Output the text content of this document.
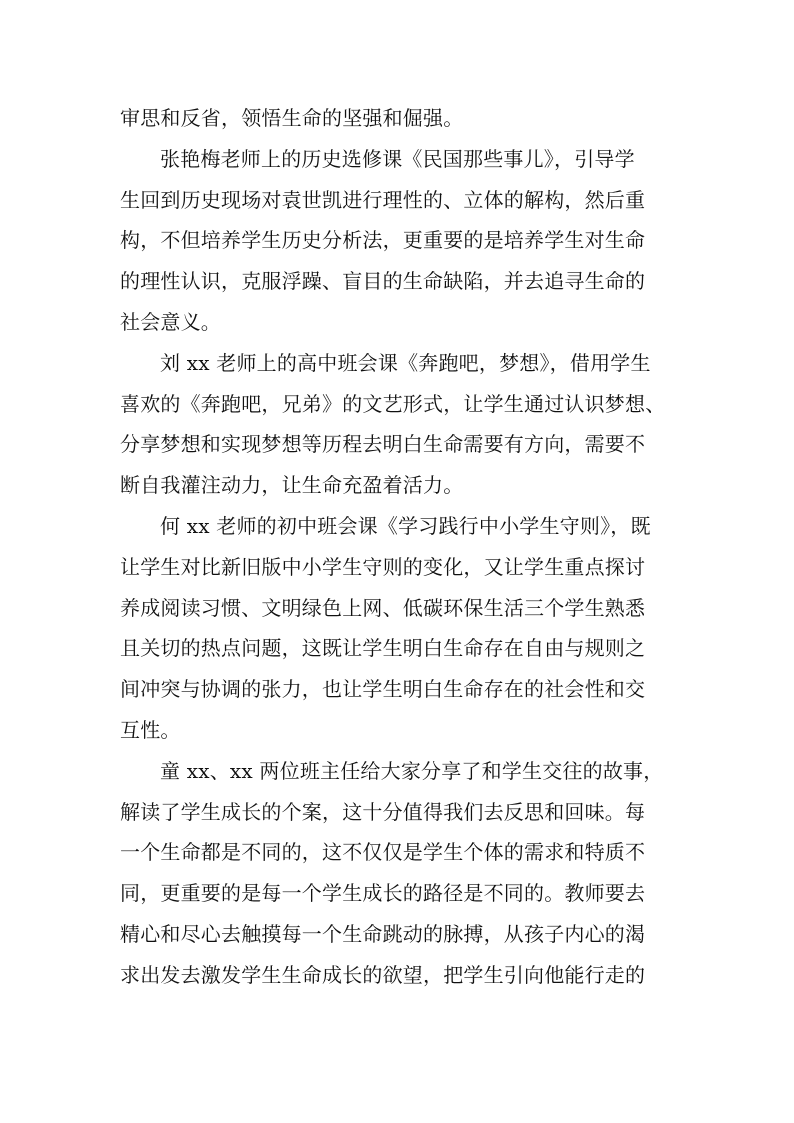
审思和反省，领悟生命的坚强和倔强。
张艳梅老师上的历史选修课《民国那些事儿》，引导学
生回到历史现场对袁世凯进行理性的、立体的解构，然后重
构，不但培养学生历史分析法，更重要的是培养学生对生命
的理性认识，克服浮躁、盲目的生命缺陷，并去追寻生命的
社会意义。
刘 xx 老师上的高中班会课《奔跑吧，梦想》，借用学生
喜欢的《奔跑吧，兄弟》的文艺形式，让学生通过认识梦想、
分享梦想和实现梦想等历程去明白生命需要有方向，需要不
断自我灌注动力，让生命充盈着活力。
何 xx 老师的初中班会课《学习践行中小学生守则》，既
让学生对比新旧版中小学生守则的变化，又让学生重点探讨
养成阅读习惯、文明绿色上网、低碳环保生活三个学生熟悉
且关切的热点问题，这既让学生明白生命存在自由与规则之
间冲突与协调的张力，也让学生明白生命存在的社会性和交
互性。
童 xx、xx 两位班主任给大家分享了和学生交往的故事，
解读了学生成长的个案，这十分值得我们去反思和回味。每
一个生命都是不同的，这不仅仅是学生个体的需求和特质不
同，更重要的是每一个学生成长的路径是不同的。教师要去
精心和尽心去触摸每一个生命跳动的脉搏，从孩子内心的渴
求出发去激发学生生命成长的欲望，把学生引向他能行走的
